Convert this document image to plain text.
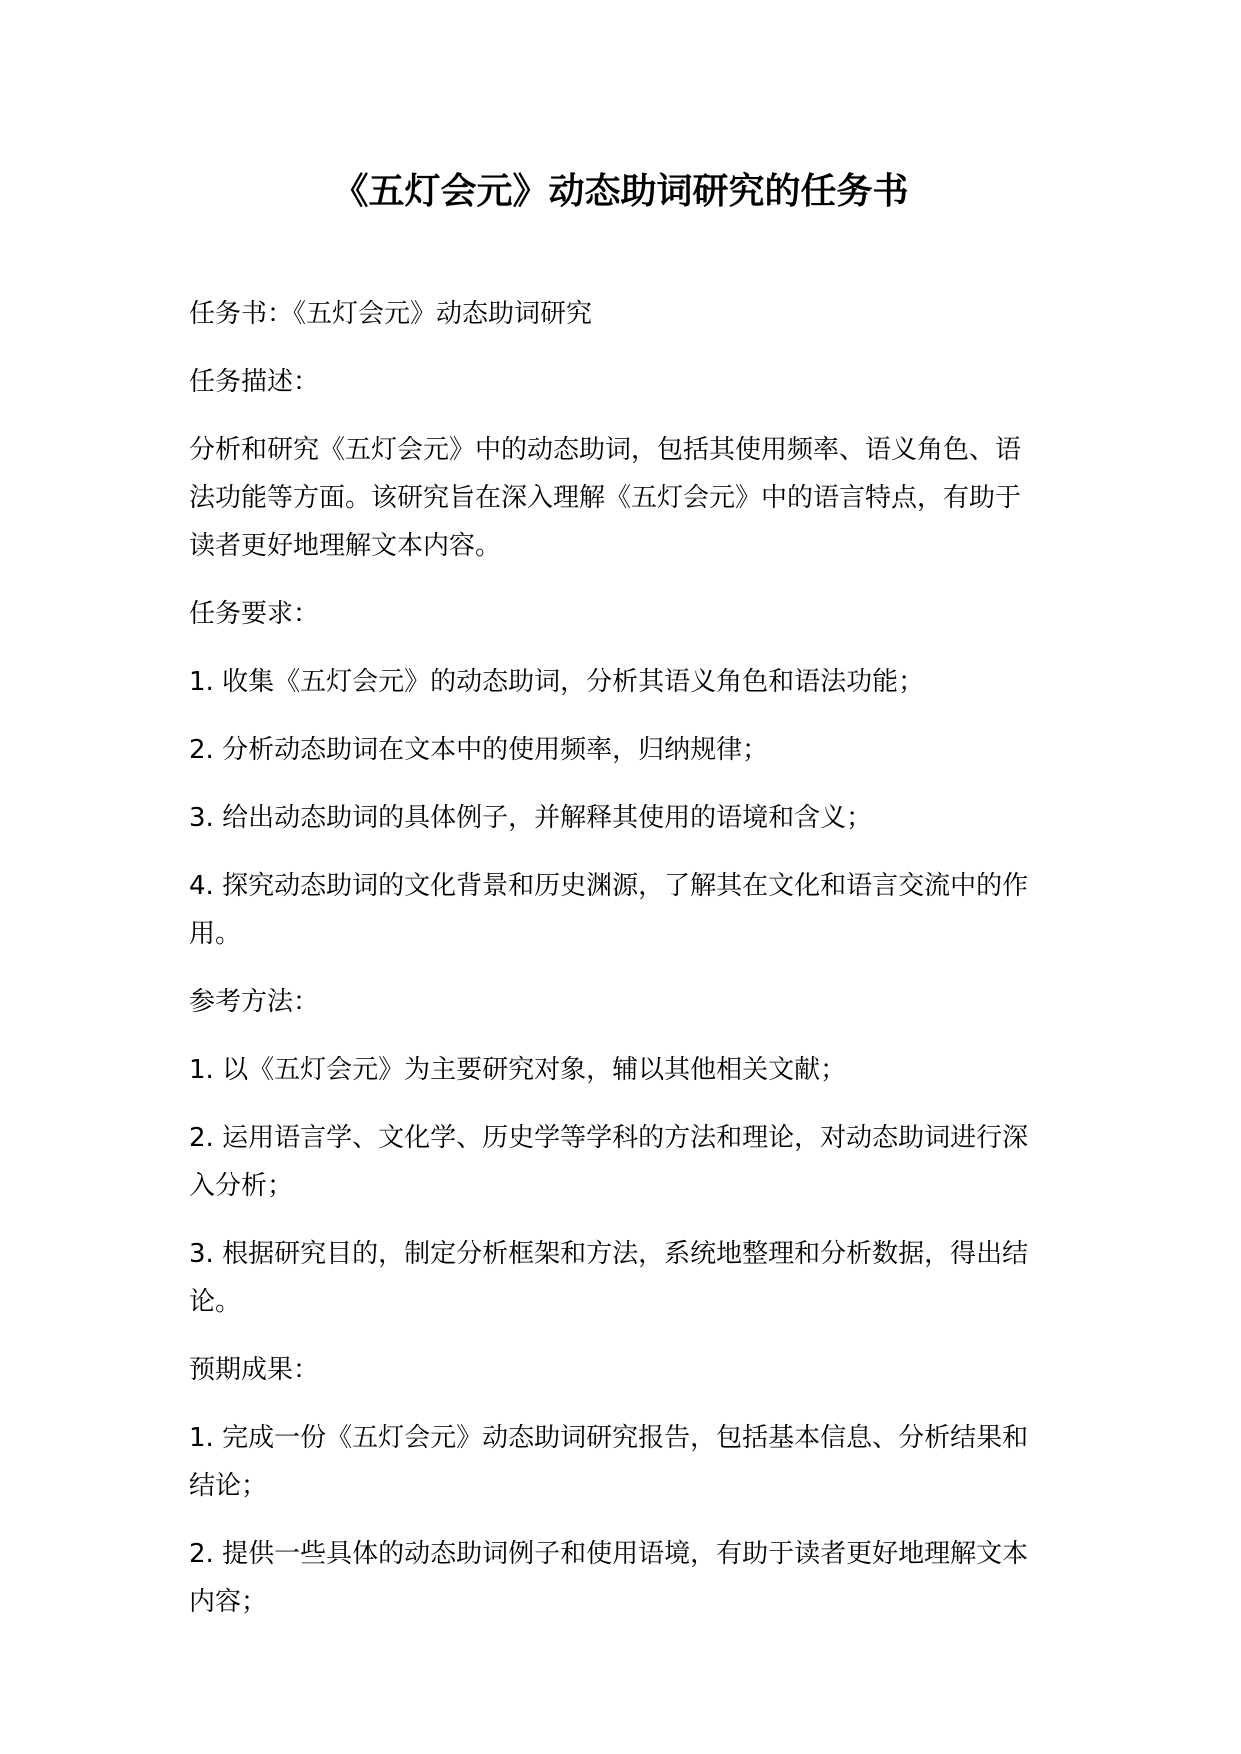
《五灯会元》动态助词研究的任务书

任务书：《五灯会元》动态助词研究

任务描述：

分析和研究《五灯会元》中的动态助词，包括其使用频率、语义角色、语法功能等方面。该研究旨在深入理解《五灯会元》中的语言特点，有助于读者更好地理解文本内容。

任务要求：

1. 收集《五灯会元》的动态助词，分析其语义角色和语法功能；

2. 分析动态助词在文本中的使用频率，归纳规律；

3. 给出动态助词的具体例子，并解释其使用的语境和含义；

4. 探究动态助词的文化背景和历史渊源，了解其在文化和语言交流中的作用。

参考方法：

1. 以《五灯会元》为主要研究对象，辅以其他相关文献；

2. 运用语言学、文化学、历史学等学科的方法和理论，对动态助词进行深入分析；

3. 根据研究目的，制定分析框架和方法，系统地整理和分析数据，得出结论。

预期成果：

1. 完成一份《五灯会元》动态助词研究报告，包括基本信息、分析结果和结论；

2. 提供一些具体的动态助词例子和使用语境，有助于读者更好地理解文本内容；
